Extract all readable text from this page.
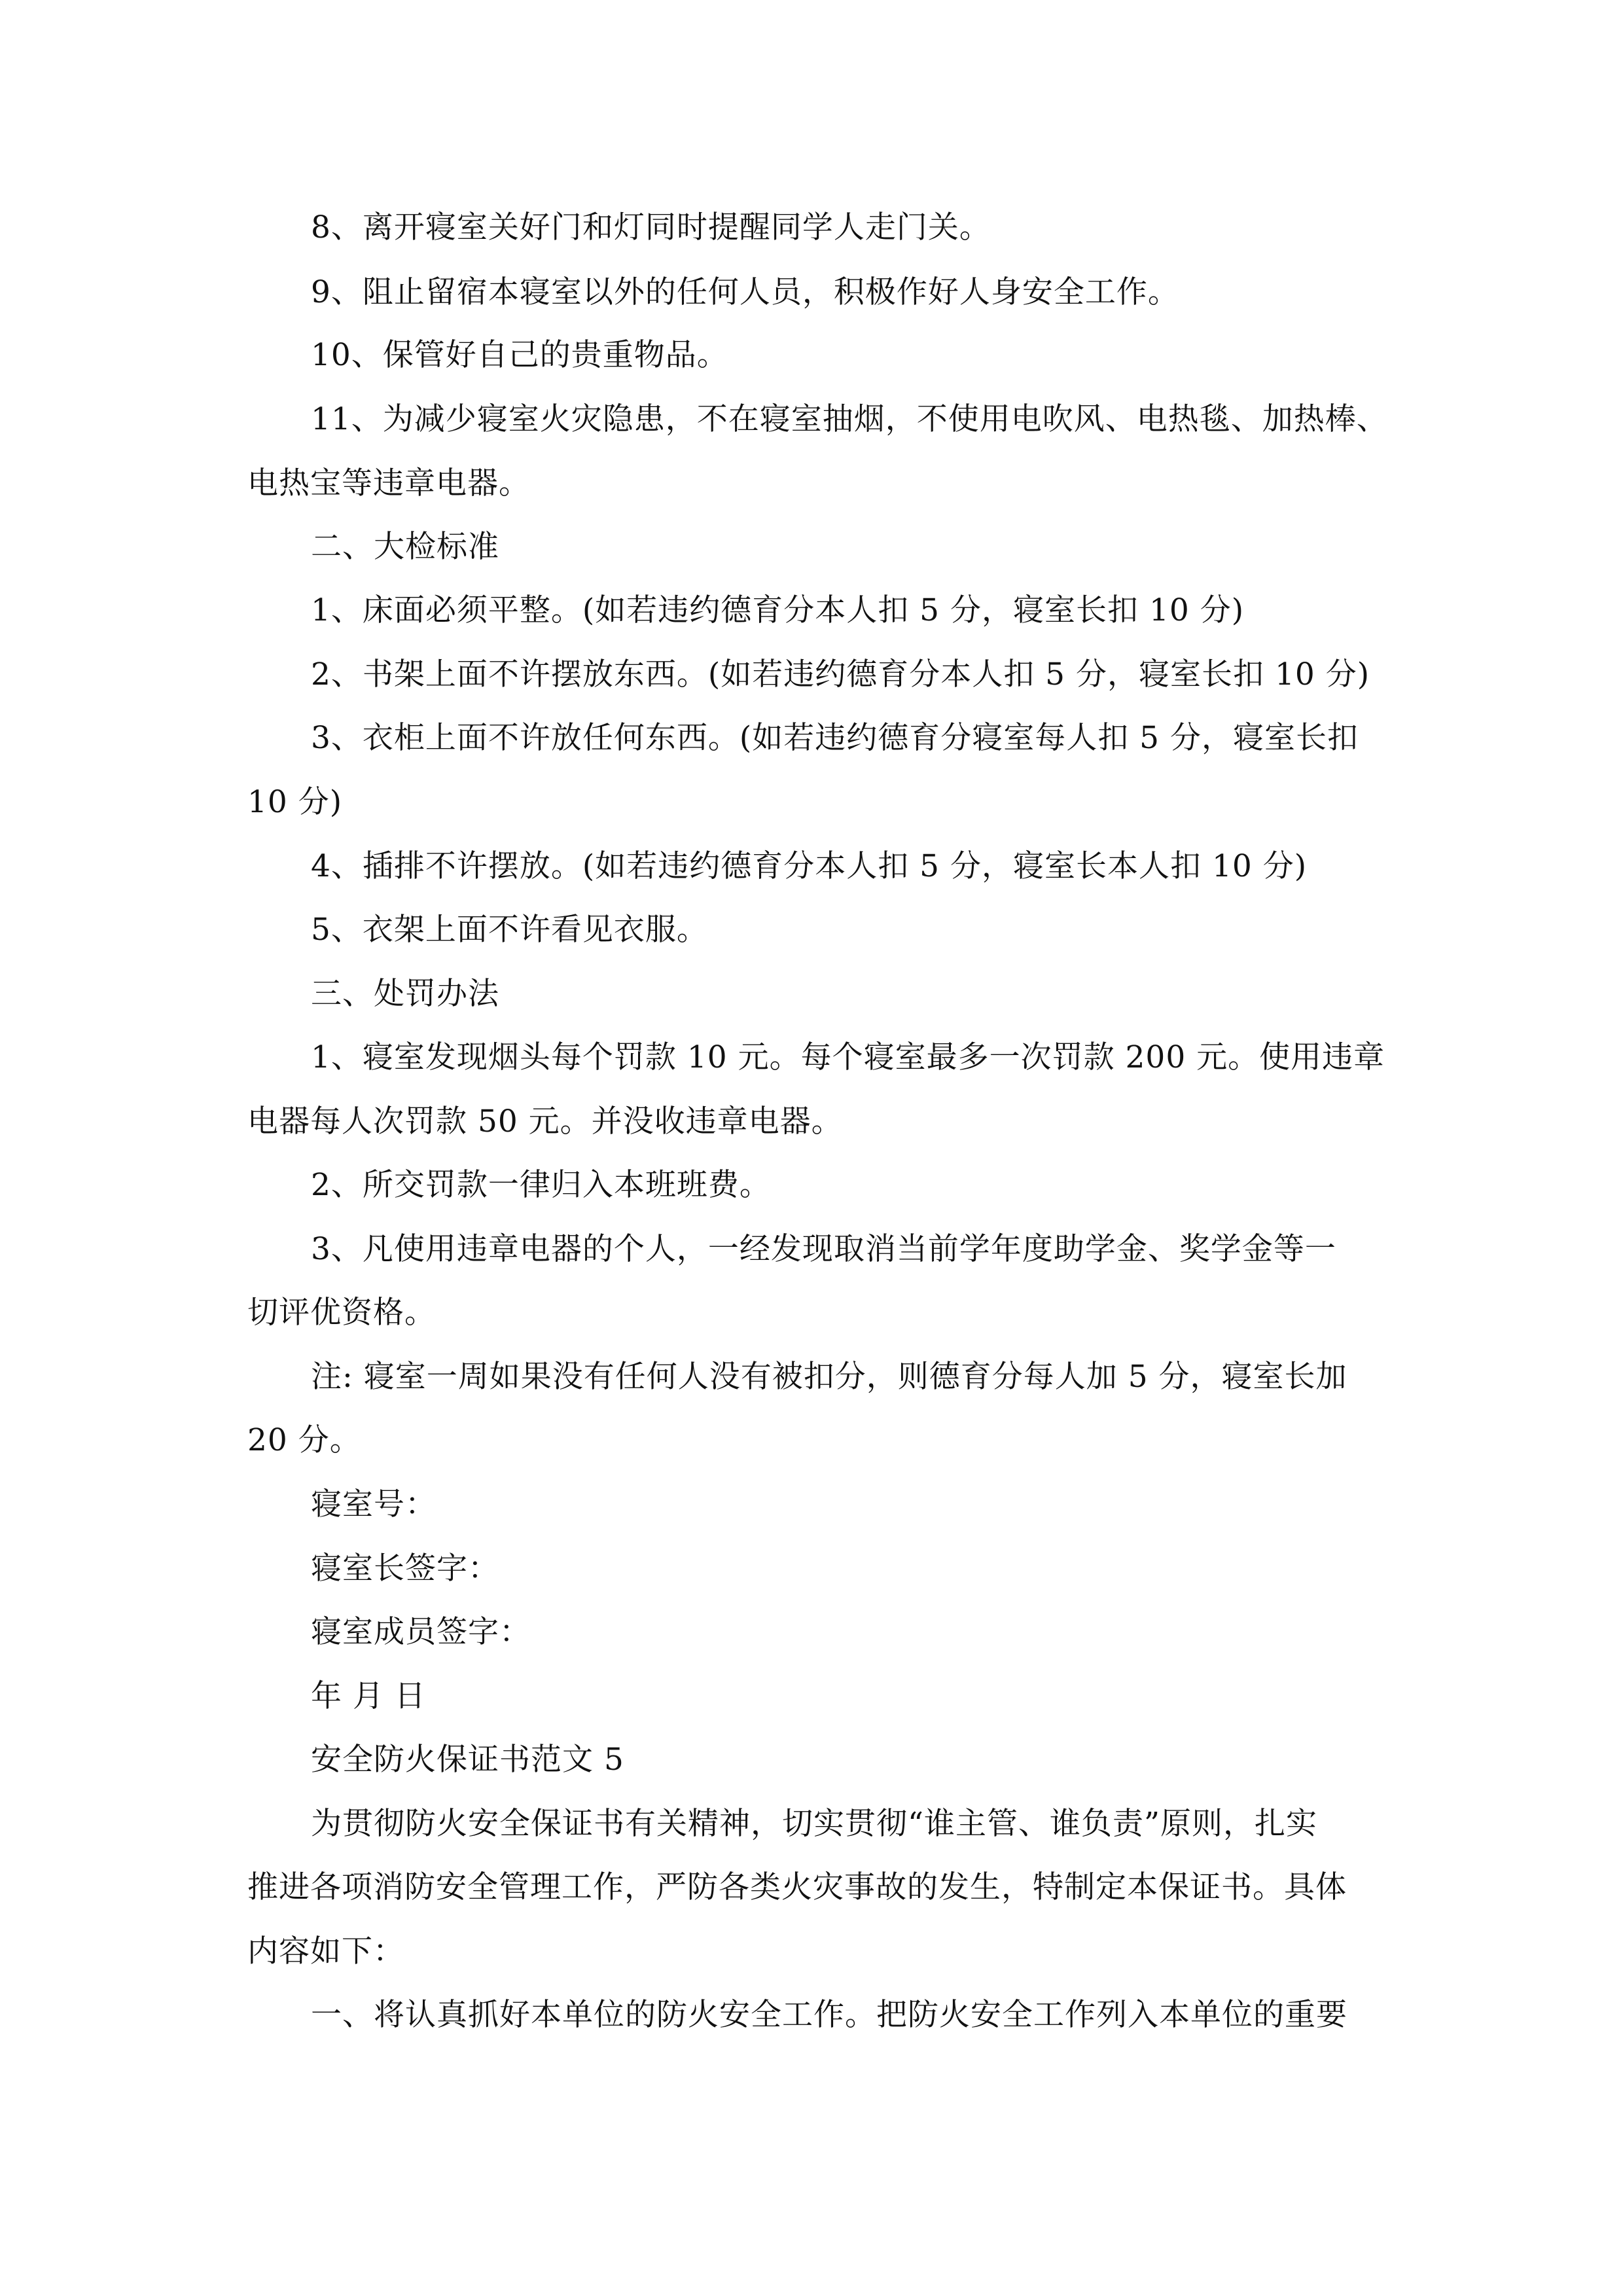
8、离开寝室关好门和灯同时提醒同学人走门关。
9、阻止留宿本寝室以外的任何人员，积极作好人身安全工作。
10、保管好自己的贵重物品。
11、为减少寝室火灾隐患，不在寝室抽烟，不使用电吹风、电热毯、加热棒、
电热宝等违章电器。
二、大检标准
1、床面必须平整。(如若违约德育分本人扣 5 分，寝室长扣 10 分)
2、书架上面不许摆放东西。(如若违约德育分本人扣 5 分，寝室长扣 10 分)
3、衣柜上面不许放任何东西。(如若违约德育分寝室每人扣 5 分，寝室长扣
10 分)
4、插排不许摆放。(如若违约德育分本人扣 5 分，寝室长本人扣 10 分)
5、衣架上面不许看见衣服。
三、处罚办法
1、寝室发现烟头每个罚款 10 元。每个寝室最多一次罚款 200 元。使用违章
电器每人次罚款 50 元。并没收违章电器。
2、所交罚款一律归入本班班费。
3、凡使用违章电器的个人，一经发现取消当前学年度助学金、奖学金等一
切评优资格。
注: 寝室一周如果没有任何人没有被扣分，则德育分每人加 5 分，寝室长加
20 分。
寝室号：
寝室长签字：
寝室成员签字：
年 月 日
安全防火保证书范文 5
为贯彻防火安全保证书有关精神，切实贯彻“谁主管、谁负责”原则，扎实
推进各项消防安全管理工作，严防各类火灾事故的发生，特制定本保证书。具体
内容如下：
一、将认真抓好本单位的防火安全工作。把防火安全工作列入本单位的重要
